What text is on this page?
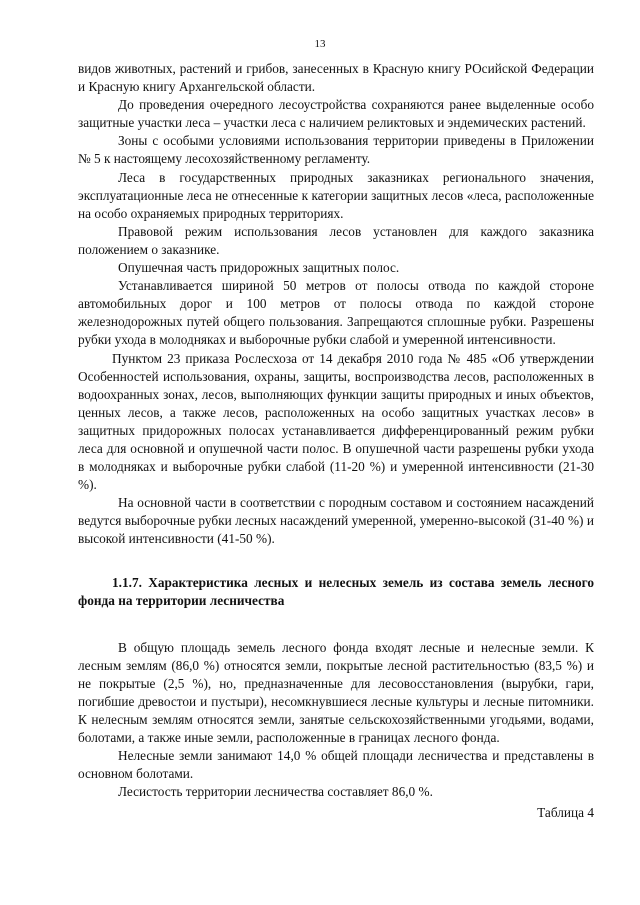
13

видов животных, растений и грибов, занесенных в Красную книгу РОсийской Федерации и Красную книгу Архангельской области.

До проведения очередного лесоустройства сохраняются ранее выделенные особо защитные участки леса – участки леса с наличием реликтовых и эндемических растений.

Зоны с особыми условиями использования территории приведены в Приложении № 5 к настоящему лесохозяйственному регламенту.

Леса в государственных природных заказниках регионального значения, эксплуатационные леса не отнесенные к категории защитных лесов «леса, расположенные на особо охраняемых природных территориях.

Правовой режим использования лесов установлен для каждого заказника положением о заказнике.

Опушечная часть придорожных защитных полос.

Устанавливается шириной 50 метров от полосы отвода по каждой стороне автомобильных дорог и 100 метров от полосы отвода по каждой стороне железнодорожных путей общего пользования. Запрещаются сплошные рубки. Разрешены рубки ухода в молодняках и выборочные рубки слабой и умеренной интенсивности.

Пунктом 23 приказа Рослесхоза от 14 декабря 2010 года № 485 «Об утверждении Особенностей использования, охраны, защиты, воспроизводства лесов, расположенных в водоохранных зонах, лесов, выполняющих функции защиты природных и иных объектов, ценных лесов, а также лесов, расположенных на особо защитных участках лесов» в защитных придорожных полосах устанавливается дифференцированный режим рубки леса для основной и опушечной части полос. В опушечной части разрешены рубки ухода в молодняках и выборочные рубки слабой (11-20 %) и умеренной интенсивности (21-30 %).

На основной части в соответствии с породным составом и состоянием насаждений ведутся выборочные рубки лесных насаждений умеренной, умеренно-высокой (31-40 %) и высокой интенсивности (41-50 %).

1.1.7. Характеристика лесных и нелесных земель из состава земель лесного фонда на территории лесничества

В общую площадь земель лесного фонда входят лесные и нелесные земли. К лесным землям (86,0 %) относятся земли, покрытые лесной растительностью (83,5 %) и не покрытые (2,5 %), но, предназначенные для лесовосстановления (вырубки, гари, погибшие древостои и пустыри), несомкнувшиеся лесные культуры и лесные питомники. К нелесным землям относятся земли, занятые сельскохозяйственными угодьями, водами, болотами, а также иные земли, расположенные в границах лесного фонда.

Нелесные земли занимают 14,0 % общей площади лесничества и представлены в основном болотами.

Лесистость территории лесничества составляет 86,0 %.

Таблица 4
